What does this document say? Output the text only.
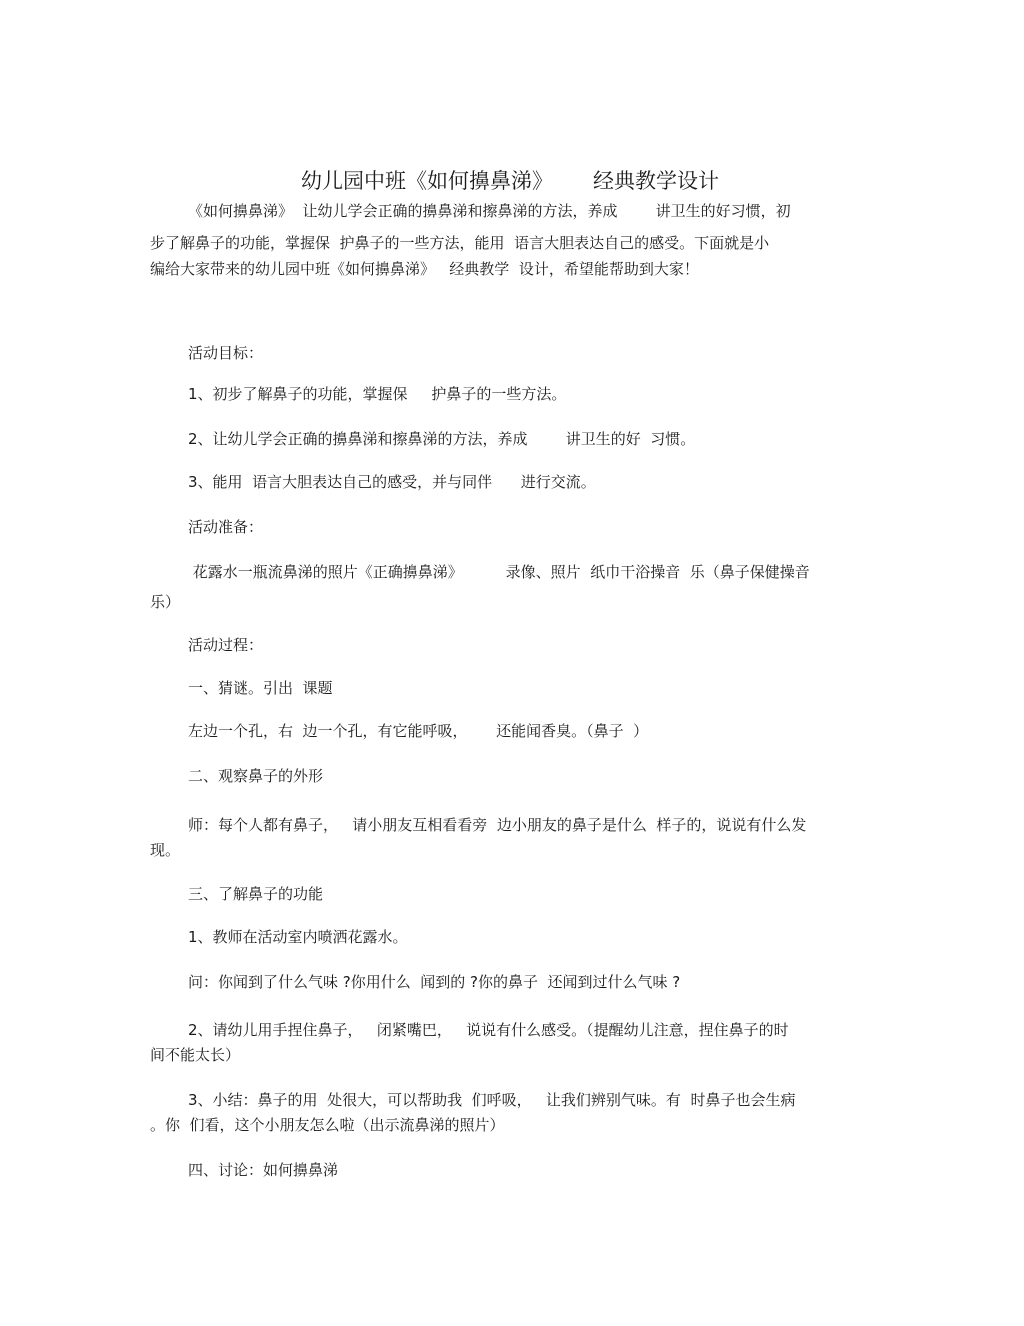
幼儿园中班《如何擤鼻涕》      经典教学设计
《如何擤鼻涕》  让幼儿学会正确的擤鼻涕和擦鼻涕的方法，养成        讲卫生的好习惯，初
步了解鼻子的功能，掌握保  护鼻子的一些方法，能用  语言大胆表达自己的感受。下面就是小
编给大家带来的幼儿园中班《如何擤鼻涕》   经典教学  设计，希望能帮助到大家！
活动目标：
1、初步了解鼻子的功能，掌握保     护鼻子的一些方法。
2、让幼儿学会正确的擤鼻涕和擦鼻涕的方法，养成        讲卫生的好  习惯。
3、能用  语言大胆表达自己的感受，并与同伴      进行交流。
活动准备：
花露水一瓶流鼻涕的照片《正确擤鼻涕》         录像、照片  纸巾干浴操音  乐（鼻子保健操音
乐）
活动过程：
一、猜谜。引出  课题
左边一个孔，右  边一个孔，有它能呼吸，      还能闻香臭。（鼻子  ）
二、观察鼻子的外形
师：每个人都有鼻子，   请小朋友互相看看旁  边小朋友的鼻子是什么  样子的，说说有什么发
现。
三、了解鼻子的功能
1、教师在活动室内喷洒花露水。
问：你闻到了什么气味 ?你用什么  闻到的 ?你的鼻子  还闻到过什么气味 ?
2、请幼儿用手捏住鼻子，   闭紧嘴巴，   说说有什么感受。（提醒幼儿注意，捏住鼻子的时
间不能太长）
3、小结：鼻子的用  处很大，可以帮助我  们呼吸，   让我们辨别气味。有  时鼻子也会生病
。你  们看，这个小朋友怎么啦（出示流鼻涕的照片）
四、讨论：如何擤鼻涕
